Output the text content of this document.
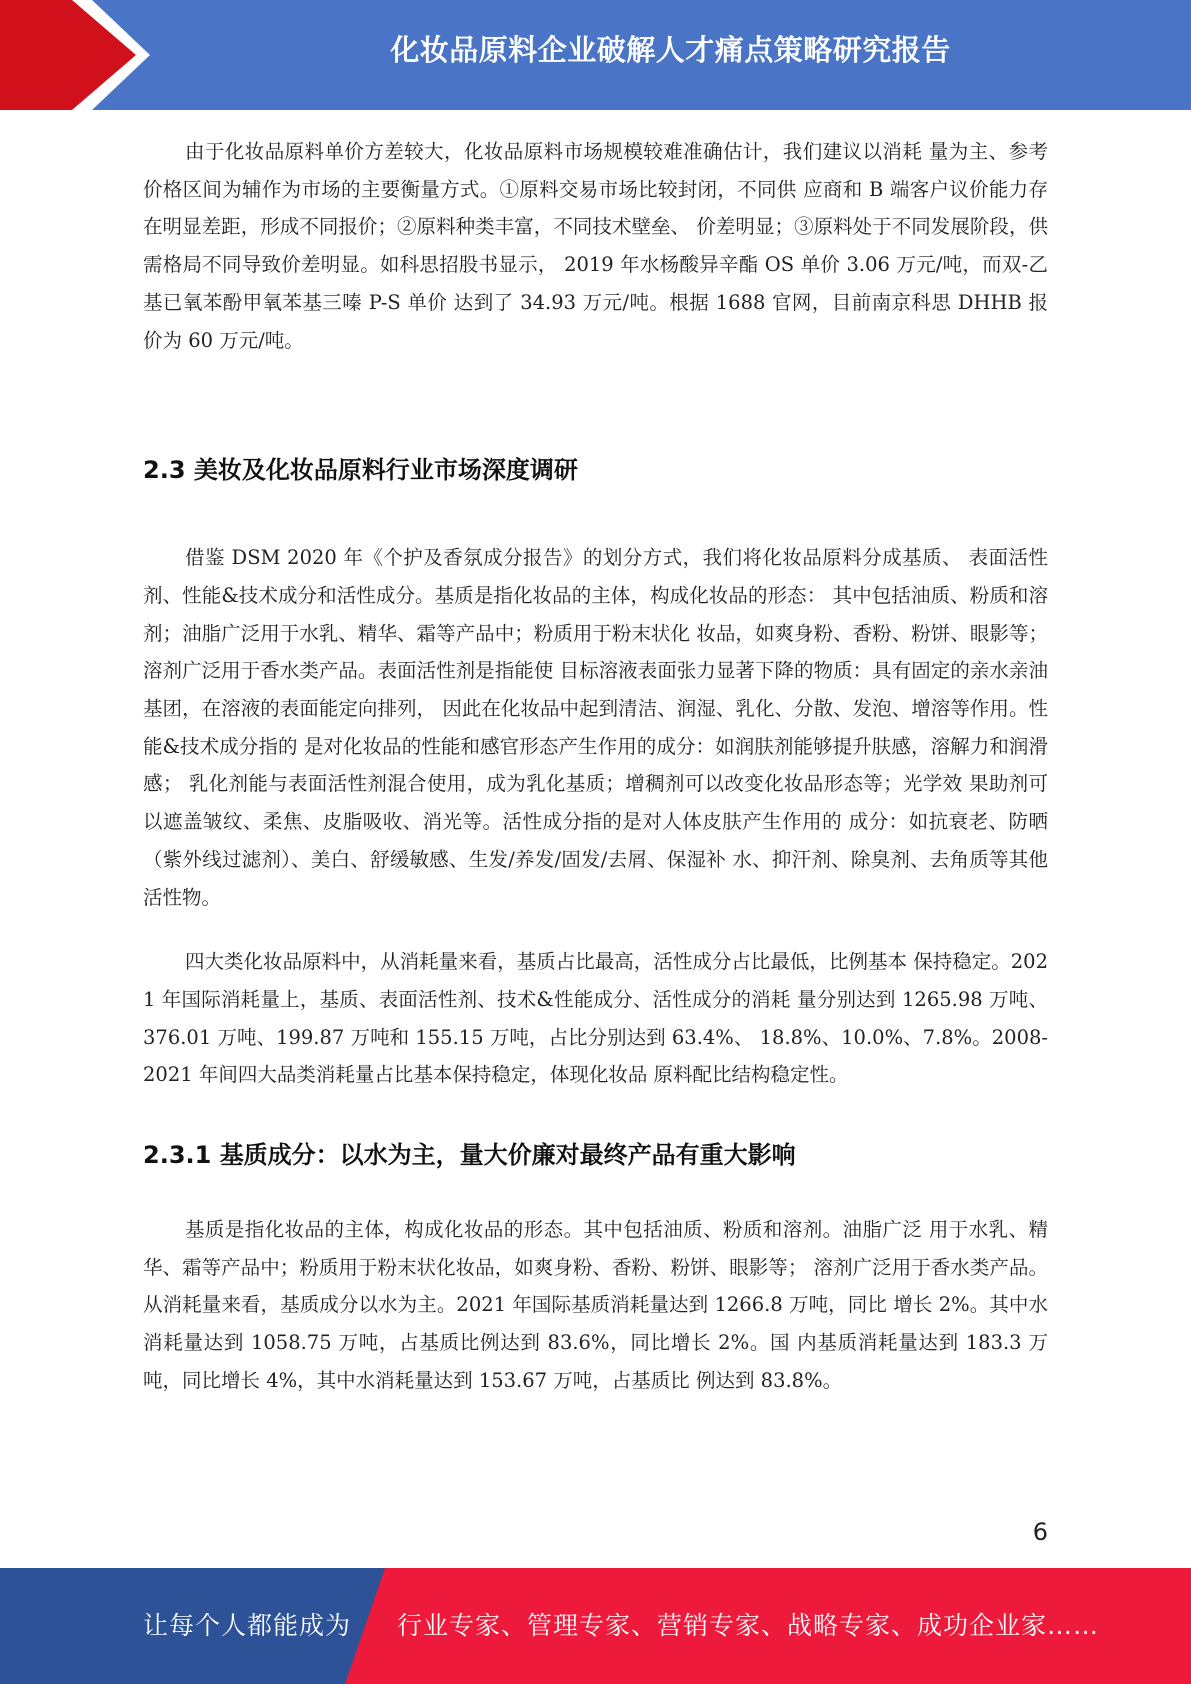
化妆品原料企业破解人才痛点策略研究报告

由于化妆品原料单价方差较大，化妆品原料市场规模较难准确估计，我们建议以消耗 量为主、参考价格区间为辅作为市场的主要衡量方式。①原料交易市场比较封闭，不同供 应商和 B 端客户议价能力存在明显差距，形成不同报价；②原料种类丰富，不同技术壁垒、 价差明显；③原料处于不同发展阶段，供需格局不同导致价差明显。如科思招股书显示， 2019 年水杨酸异辛酯 OS 单价 3.06 万元/吨，而双-乙基已氧苯酚甲氧苯基三嗪 P-S 单价 达到了 34.93 万元/吨。根据 1688 官网，目前南京科思 DHHB 报价为 60 万元/吨。

2.3 美妆及化妆品原料行业市场深度调研

借鉴 DSM 2020 年《个护及香氛成分报告》的划分方式，我们将化妆品原料分成基质、 表面活性剂、性能&技术成分和活性成分。基质是指化妆品的主体，构成化妆品的形态： 其中包括油质、粉质和溶剂；油脂广泛用于水乳、精华、霜等产品中；粉质用于粉末状化 妆品，如爽身粉、香粉、粉饼、眼影等；溶剂广泛用于香水类产品。表面活性剂是指能使 目标溶液表面张力显著下降的物质：具有固定的亲水亲油基团，在溶液的表面能定向排列， 因此在化妆品中起到清洁、润湿、乳化、分散、发泡、增溶等作用。性能&技术成分指的 是对化妆品的性能和感官形态产生作用的成分：如润肤剂能够提升肤感，溶解力和润滑感； 乳化剂能与表面活性剂混合使用，成为乳化基质；增稠剂可以改变化妆品形态等；光学效 果助剂可以遮盖皱纹、柔焦、皮脂吸收、消光等。活性成分指的是对人体皮肤产生作用的 成分：如抗衰老、防晒（紫外线过滤剂）、美白、舒缓敏感、生发/养发/固发/去屑、保湿补 水、抑汗剂、除臭剂、去角质等其他活性物。

四大类化妆品原料中，从消耗量来看，基质占比最高，活性成分占比最低，比例基本 保持稳定。2021 年国际消耗量上，基质、表面活性剂、技术&性能成分、活性成分的消耗 量分别达到 1265.98 万吨、376.01 万吨、199.87 万吨和 155.15 万吨，占比分别达到 63.4%、 18.8%、10.0%、7.8%。2008-2021 年间四大品类消耗量占比基本保持稳定，体现化妆品 原料配比结构稳定性。

2.3.1 基质成分：以水为主，量大价廉对最终产品有重大影响

基质是指化妆品的主体，构成化妆品的形态。其中包括油质、粉质和溶剂。油脂广泛 用于水乳、精华、霜等产品中；粉质用于粉末状化妆品，如爽身粉、香粉、粉饼、眼影等； 溶剂广泛用于香水类产品。 从消耗量来看，基质成分以水为主。2021 年国际基质消耗量达到 1266.8 万吨，同比 增长 2%。其中水消耗量达到 1058.75 万吨，占基质比例达到 83.6%，同比增长 2%。国 内基质消耗量达到 183.3 万吨，同比增长 4%，其中水消耗量达到 153.67 万吨，占基质比 例达到 83.8%。

6
让每个人都能成为 行业专家、管理专家、营销专家、战略专家、成功企业家……
